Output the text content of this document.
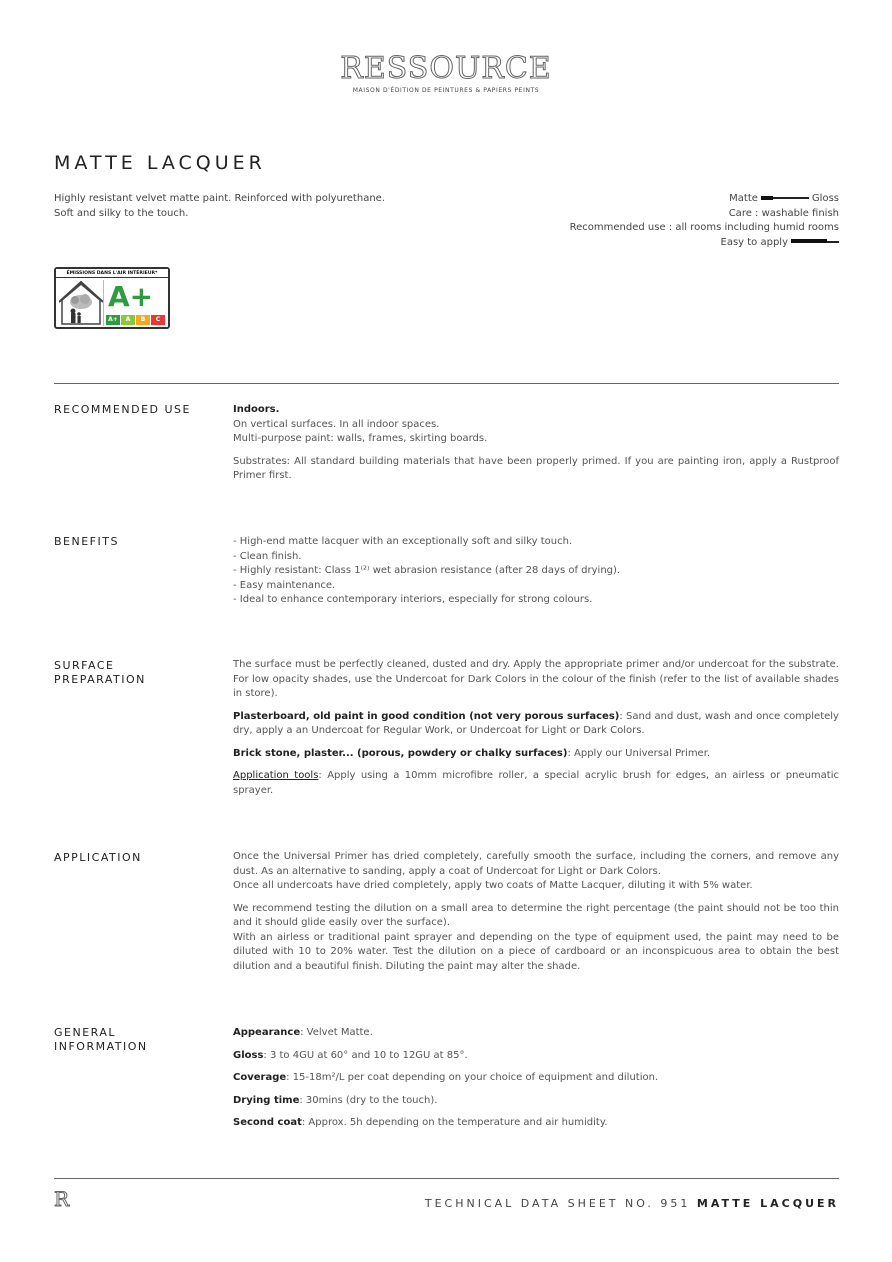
RESSOURCE
MAISON D'ÉDITION DE PEINTURES & PAPIERS PEINTS
MATTE LACQUER
Highly resistant velvet matte paint. Reinforced with polyurethane.
Soft and silky to the touch.
Matte	Gloss
Care : washable finish
Recommended use : all rooms including humid rooms
Easy to apply
ÉMISSIONS DANS L'AIR INTÉRIEUR*
A+
A+	A	B	C
RECOMMENDED USE	Indoors.
On vertical surfaces. In all indoor spaces.
Multi-purpose paint: walls, frames, skirting boards.

Substrates: All standard building materials that have been properly primed. If you are painting iron, apply a Rustproof Primer first.

BENEFITS	- High-end matte lacquer with an exceptionally soft and silky touch.
- Clean finish.
- Highly resistant: Class 1⁽²⁾ wet abrasion resistance (after 28 days of drying).
- Easy maintenance.
- Ideal to enhance contemporary interiors, especially for strong colours.
SURFACE PREPARATION

The surface must be perfectly cleaned, dusted and dry. Apply the appropriate primer and/or undercoat for the substrate. For low opacity shades, use the Undercoat for Dark Colors in the colour of the finish (refer to the list of available shades in store).

Plasterboard, old paint in good condition (not very porous surfaces): Sand and dust, wash and once completely dry, apply a an Undercoat for Regular Work, or Undercoat for Light or Dark Colors.

Brick stone, plaster... (porous, powdery or chalky surfaces): Apply our Universal Primer.

Application tools: Apply using a 10mm microfibre roller, a special acrylic brush for edges, an airless or pneumatic sprayer.

APPLICATION	Once the Universal Primer has dried completely, carefully smooth the surface, including the corners, and remove any dust. As an alternative to sanding, apply a coat of Undercoat for Light or Dark Colors.

Once all undercoats have dried completely, apply two coats of Matte Lacquer, diluting it with 5% water.

We recommend testing the dilution on a small area to determine the right percentage (the paint should not be too thin and it should glide easily over the surface).

With an airless or traditional paint sprayer and depending on the type of equipment used, the paint may need to be diluted with 10 to 20% water. Test the dilution on a piece of cardboard or an inconspicuous area to obtain the best dilution and a beautiful finish. Diluting the paint may alter the shade.

GENERAL INFORMATION

Appearance: Velvet Matte.

Gloss: 3 to 4GU at 60° and 10 to 12GU at 85°.

Coverage: 15-18m²/L per coat depending on your choice of equipment and dilution.

Drying time: 30mins (dry to the touch).

Second coat: Approx. 5h depending on the temperature and air humidity.

R	TECHNICAL DATA SHEET NO. 951 MATTE LACQUER
